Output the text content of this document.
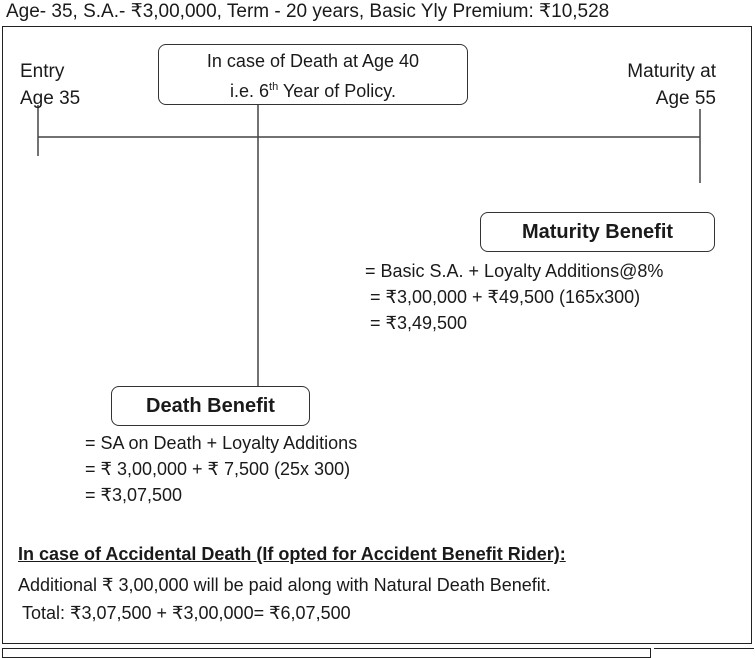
Age- 35, S.A.- ₹3,00,000, Term - 20 years, Basic Yly Premium: ₹10,528
Entry
Age 35
Maturity at
Age 55
In case of Death at Age 40
i.e. 6th Year of Policy.
Maturity Benefit
= Basic S.A. + Loyalty Additions@8%
= ₹3,00,000 + ₹49,500 (165x300)
= ₹3,49,500
Death Benefit
= SA on Death + Loyalty Additions
= ₹ 3,00,000 + ₹ 7,500 (25x 300)
= ₹3,07,500
In case of Accidental Death (If opted for Accident Benefit Rider):
Additional ₹ 3,00,000 will be paid along with Natural Death Benefit.
Total: ₹3,07,500 + ₹3,00,000= ₹6,07,500
